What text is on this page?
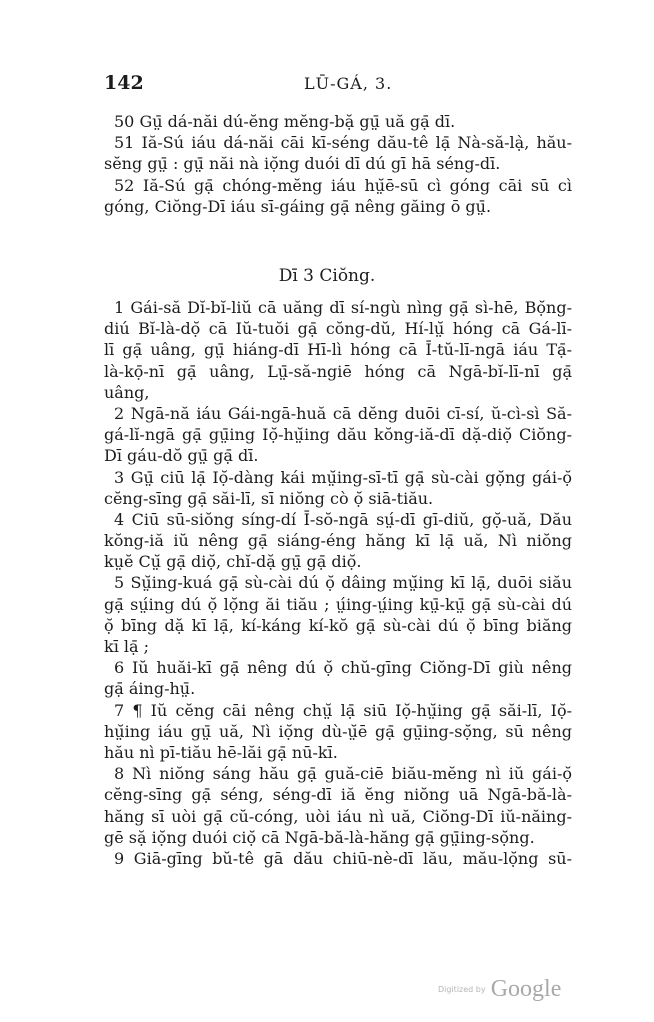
142	LŪ-GÁ, 3.
50 Gṳ̄ dá-năi dú-ĕng mĕng-bặ gṳ̄ uă gạ̄ dī.
51 Iă-Sú iáu dá-năi cāi kī-séng dău-tê lạ̄ Nà-să-lạ̀, hău-
sĕng gṳ̄ : gṳ̄ năi nà iọ̆ng duói dī dú gī hā séng-dī.
52 Iă-Sú gạ̄ chóng-mĕng iáu hṳ̆ē-sū cì góng cāi sū cì
góng, Ciŏng-Dī iáu sī-gáing gạ̄ nêng găing ō gṳ̄.
Dī 3 Ciŏng.
1 Gái-să Dĭ-bĭ-liŭ cā uăng dī sí-ngù nìng gạ̄ sì-hē, Bọ̆ng-
diú Bĭ-là-dọ̆ cā Iŭ-tuŏi gạ̄ cŏng-dŭ, Hí-lṳ̆ hóng cā Gá-lī-
lī gạ̄ uâng, gṳ̄ hiáng-dī Hī-lì hóng cā Ī-tŭ-lī-ngā iáu Tạ̄-
là-kọ̄-nī gạ̄ uâng, Lṳ̄-să-ngiē hóng cā Ngā-bĭ-lī-nī gạ̄
uâng,
2 Ngā-nă iáu Gái-ngā-huă cā dĕng duōi cī-sí, ŭ-cì-sì Să-
gá-lĭ-ngā gạ̄ gṳ̄ing Iọ̆-hṳ̆ing dău kŏng-iă-dī dặ-diọ̆ Ciŏng-
Dī gáu-dŏ gṳ̄ gạ̄ dī.
3 Gṳ̄ ciū lạ̄ Iọ̆-dàng kái mṳ̆ing-sī-tī gạ̄ sù-cài gọ̆ng gái-ọ̆
cĕng-sīng gạ̄ săi-lī, sī niŏng cò ọ̆ siā-tiău.
4 Ciū sū-siŏng síng-dí Ī-sŏ-ngā sṳ́-dī gī-diŭ, gọ̆-uă, Dău
kŏng-iă iŭ nêng gạ̄ siáng-éng hăng kī lạ̄ uă, Nì niŏng
kṳĕ Cṳ̆ gạ̄ diọ̆, chĭ-dặ gṳ̄ gạ̄ diọ̆.
5 Sṳ̆ing-kuá gạ̄ sù-cài dú ọ̆ dâing mṳ̆ing kī lạ̄, duōi siău
gạ̄ sṳ́ing dú ọ̆ lọ̆ng ăi tiău ; ṳ́ing-ṳ́ing kṳ̄-kṳ̄ gạ̄ sù-cài dú
ọ̆ bīng dặ kī lạ̄, kí-káng kí-kŏ gạ̄ sù-cài dú ọ̆ bīng biăng
kī lạ̄ ;
6 Iŭ huăi-kī gạ̄ nêng dú ọ̆ chŭ-gīng Ciŏng-Dī giù nêng
gạ̄ áing-hṳ̄.
7 ¶ Iŭ cĕng cāi nêng chṳ̆ lạ̄ siū Iọ̆-hṳ̆ing gạ̄ săi-lī, Iọ̆-
hṳ̆ing iáu gṳ̄ uă, Nì iọ̆ng dù-ṳ̆ē gạ̄ gṳ̄ing-sọ̆ng, sū nêng
hău nì pī-tiău hē-lăi gạ̄ nū-kī.
8 Nì niŏng sáng hău gạ̄ guă-ciē biău-mĕng nì iŭ gái-ọ̆
cĕng-sīng gạ̄ séng, séng-dī iă ĕng niŏng uā Ngā-bă-là-
hăng sī uòi gạ̄ cŭ-cóng, uòi iáu nì uă, Ciŏng-Dī iŭ-năing-
gē sặ iọ̆ng duói ciọ̆ cā Ngā-bă-là-hăng gạ̄ gṳ̄ing-sọ̆ng.
9 Giā-gīng bŭ-tê gā dău chiū-nè-dī lău, mău-lọ̆ng sū-
Digitized by Google
